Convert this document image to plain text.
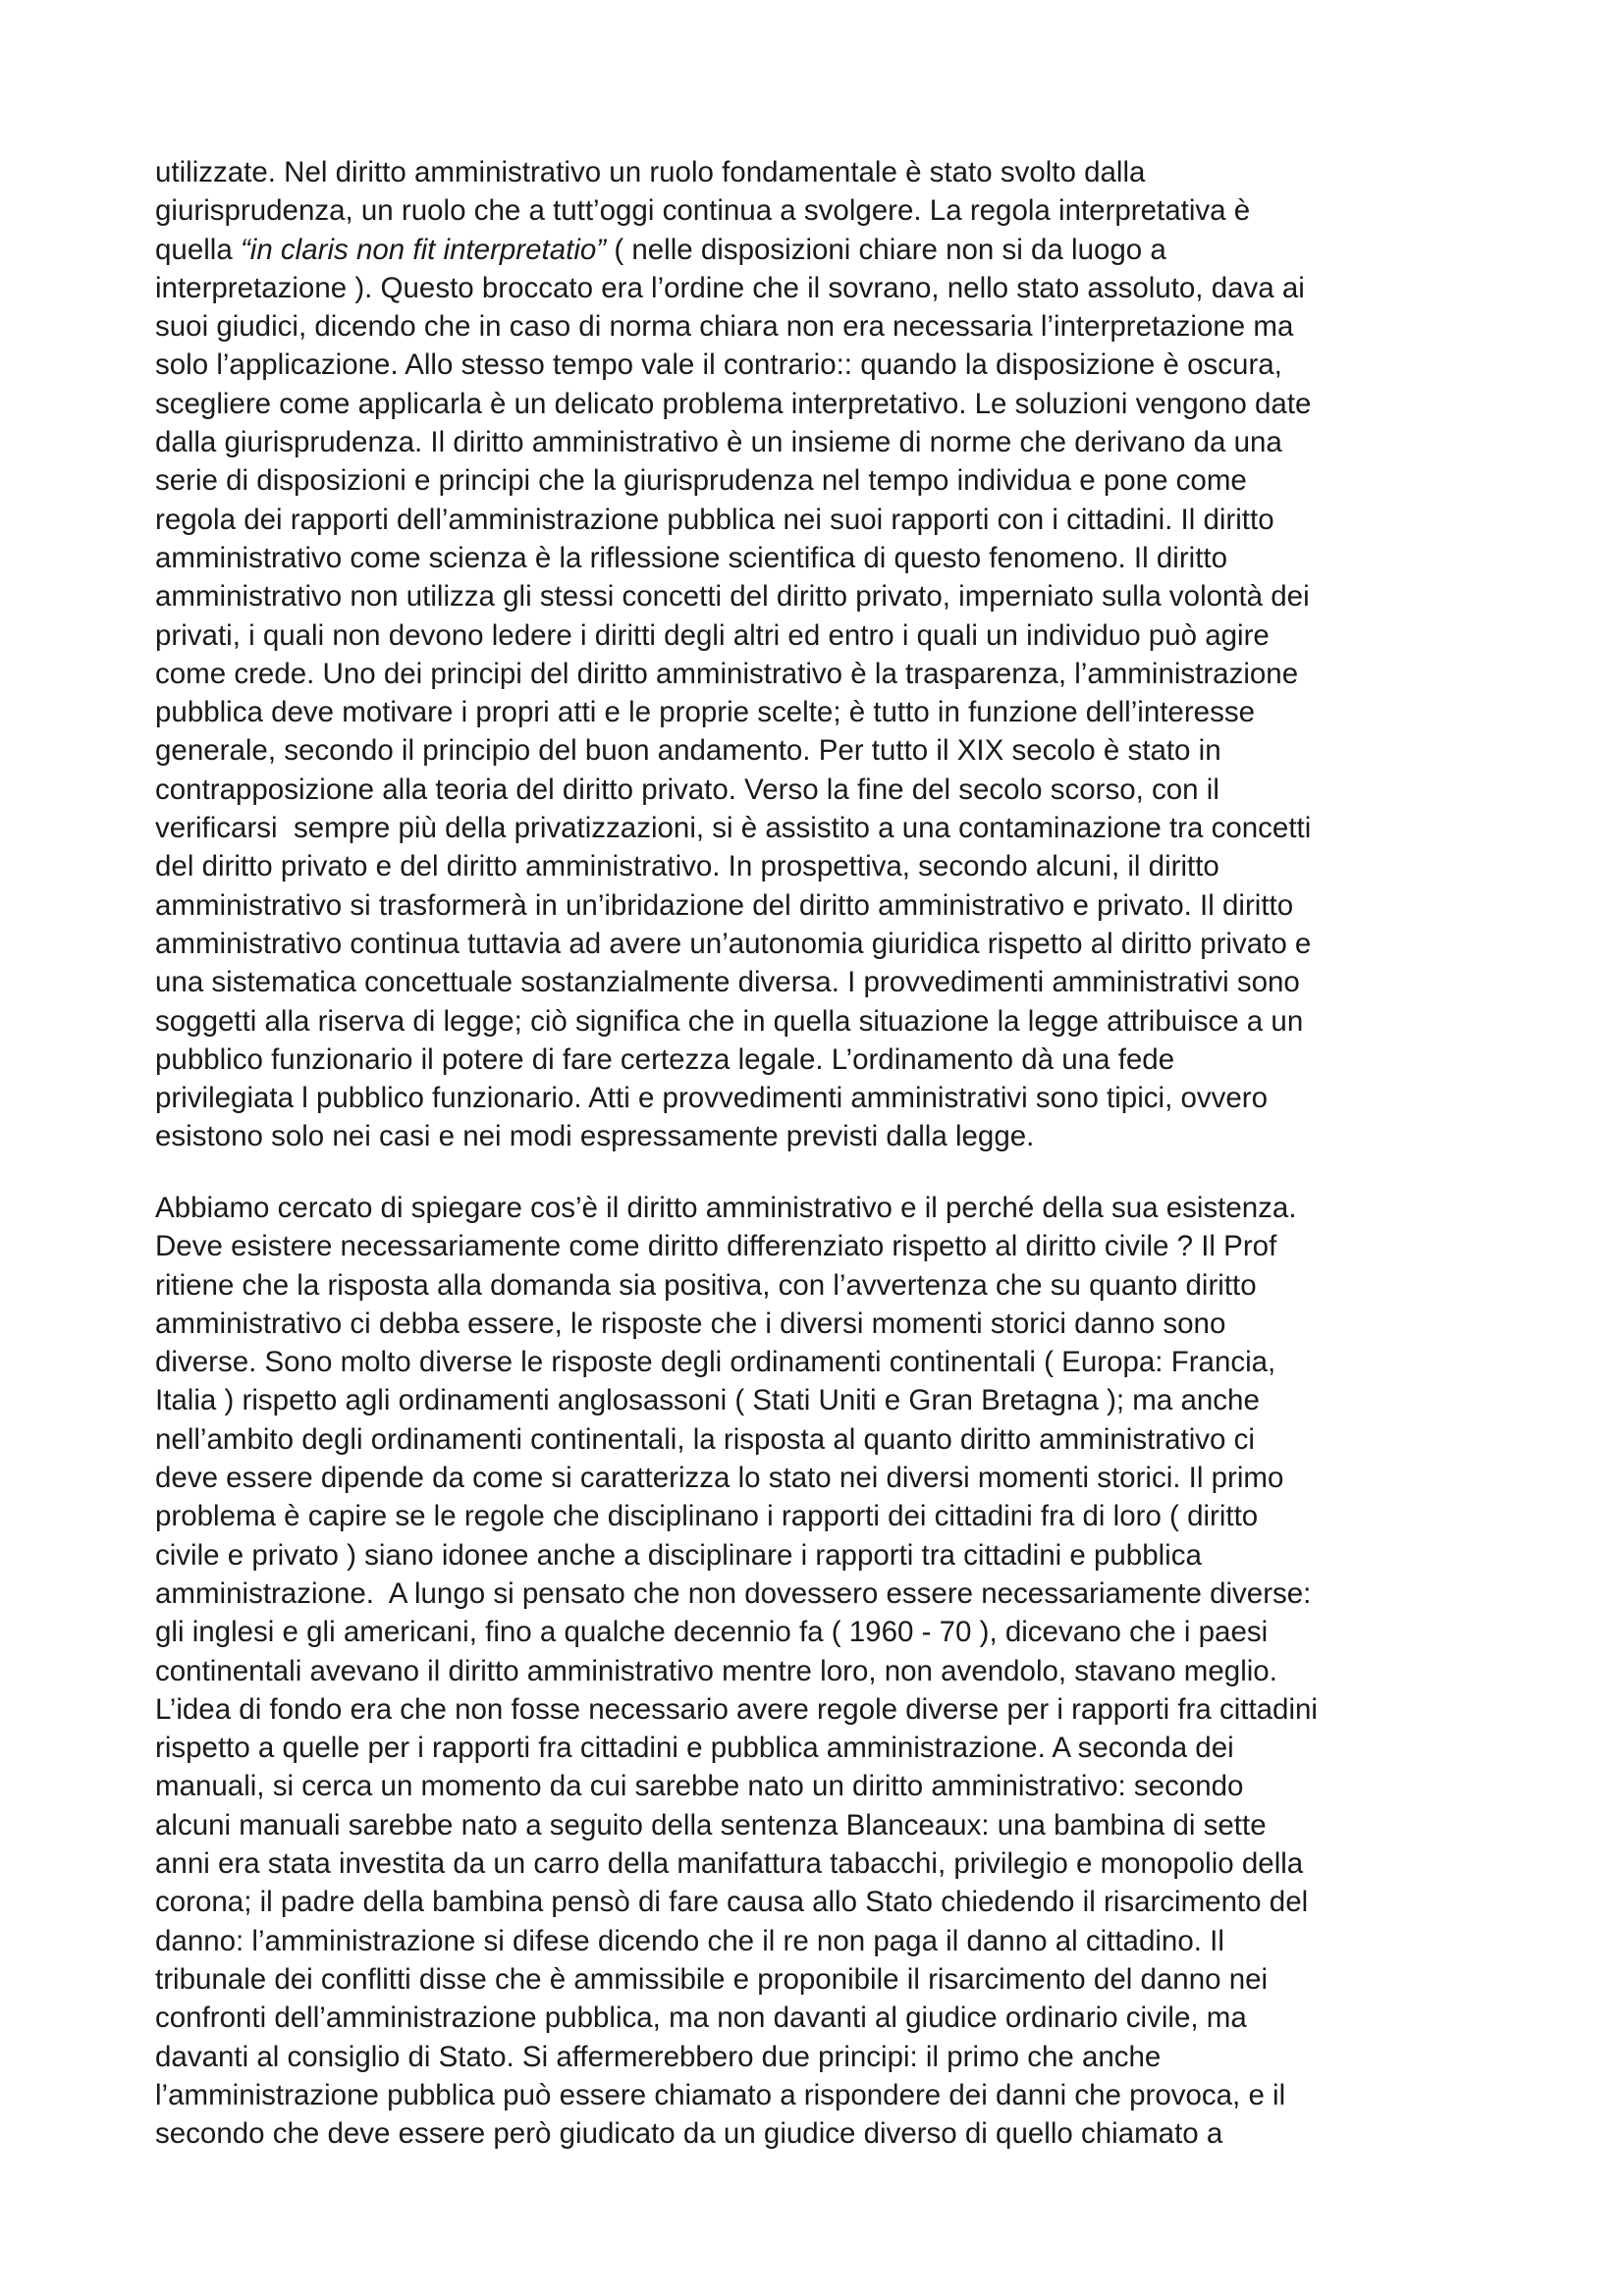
utilizzate. Nel diritto amministrativo un ruolo fondamentale è stato svolto dalla
giurisprudenza, un ruolo che a tutt’oggi continua a svolgere. La regola interpretativa è
quella “in claris non fit interpretatio” ( nelle disposizioni chiare non si da luogo a
interpretazione ). Questo broccato era l’ordine che il sovrano, nello stato assoluto, dava ai
suoi giudici, dicendo che in caso di norma chiara non era necessaria l’interpretazione ma
solo l’applicazione. Allo stesso tempo vale il contrario:: quando la disposizione è oscura,
scegliere come applicarla è un delicato problema interpretativo. Le soluzioni vengono date
dalla giurisprudenza. Il diritto amministrativo è un insieme di norme che derivano da una
serie di disposizioni e principi che la giurisprudenza nel tempo individua e pone come
regola dei rapporti dell’amministrazione pubblica nei suoi rapporti con i cittadini. Il diritto
amministrativo come scienza è la riflessione scientifica di questo fenomeno. Il diritto
amministrativo non utilizza gli stessi concetti del diritto privato, imperniato sulla volontà dei
privati, i quali non devono ledere i diritti degli altri ed entro i quali un individuo può agire
come crede. Uno dei principi del diritto amministrativo è la trasparenza, l’amministrazione
pubblica deve motivare i propri atti e le proprie scelte; è tutto in funzione dell’interesse
generale, secondo il principio del buon andamento. Per tutto il XIX secolo è stato in
contrapposizione alla teoria del diritto privato. Verso la fine del secolo scorso, con il
verificarsi  sempre più della privatizzazioni, si è assistito a una contaminazione tra concetti
del diritto privato e del diritto amministrativo. In prospettiva, secondo alcuni, il diritto
amministrativo si trasformerà in un’ibridazione del diritto amministrativo e privato. Il diritto
amministrativo continua tuttavia ad avere un’autonomia giuridica rispetto al diritto privato e
una sistematica concettuale sostanzialmente diversa. I provvedimenti amministrativi sono
soggetti alla riserva di legge; ciò significa che in quella situazione la legge attribuisce a un
pubblico funzionario il potere di fare certezza legale. L’ordinamento dà una fede
privilegiata l pubblico funzionario. Atti e provvedimenti amministrativi sono tipici, ovvero
esistono solo nei casi e nei modi espressamente previsti dalla legge.
Abbiamo cercato di spiegare cos’è il diritto amministrativo e il perché della sua esistenza.
Deve esistere necessariamente come diritto differenziato rispetto al diritto civile ? Il Prof
ritiene che la risposta alla domanda sia positiva, con l’avvertenza che su quanto diritto
amministrativo ci debba essere, le risposte che i diversi momenti storici danno sono
diverse. Sono molto diverse le risposte degli ordinamenti continentali ( Europa: Francia,
Italia ) rispetto agli ordinamenti anglosassoni ( Stati Uniti e Gran Bretagna ); ma anche
nell’ambito degli ordinamenti continentali, la risposta al quanto diritto amministrativo ci
deve essere dipende da come si caratterizza lo stato nei diversi momenti storici. Il primo
problema è capire se le regole che disciplinano i rapporti dei cittadini fra di loro ( diritto
civile e privato ) siano idonee anche a disciplinare i rapporti tra cittadini e pubblica
amministrazione.  A lungo si pensato che non dovessero essere necessariamente diverse:
gli inglesi e gli americani, fino a qualche decennio fa ( 1960 - 70 ), dicevano che i paesi
continentali avevano il diritto amministrativo mentre loro, non avendolo, stavano meglio.
L’idea di fondo era che non fosse necessario avere regole diverse per i rapporti fra cittadini
rispetto a quelle per i rapporti fra cittadini e pubblica amministrazione. A seconda dei
manuali, si cerca un momento da cui sarebbe nato un diritto amministrativo: secondo
alcuni manuali sarebbe nato a seguito della sentenza Blanceaux: una bambina di sette
anni era stata investita da un carro della manifattura tabacchi, privilegio e monopolio della
corona; il padre della bambina pensò di fare causa allo Stato chiedendo il risarcimento del
danno: l’amministrazione si difese dicendo che il re non paga il danno al cittadino. Il
tribunale dei conflitti disse che è ammissibile e proponibile il risarcimento del danno nei
confronti dell’amministrazione pubblica, ma non davanti al giudice ordinario civile, ma
davanti al consiglio di Stato. Si affermerebbero due principi: il primo che anche
l’amministrazione pubblica può essere chiamato a rispondere dei danni che provoca, e il
secondo che deve essere però giudicato da un giudice diverso di quello chiamato a
